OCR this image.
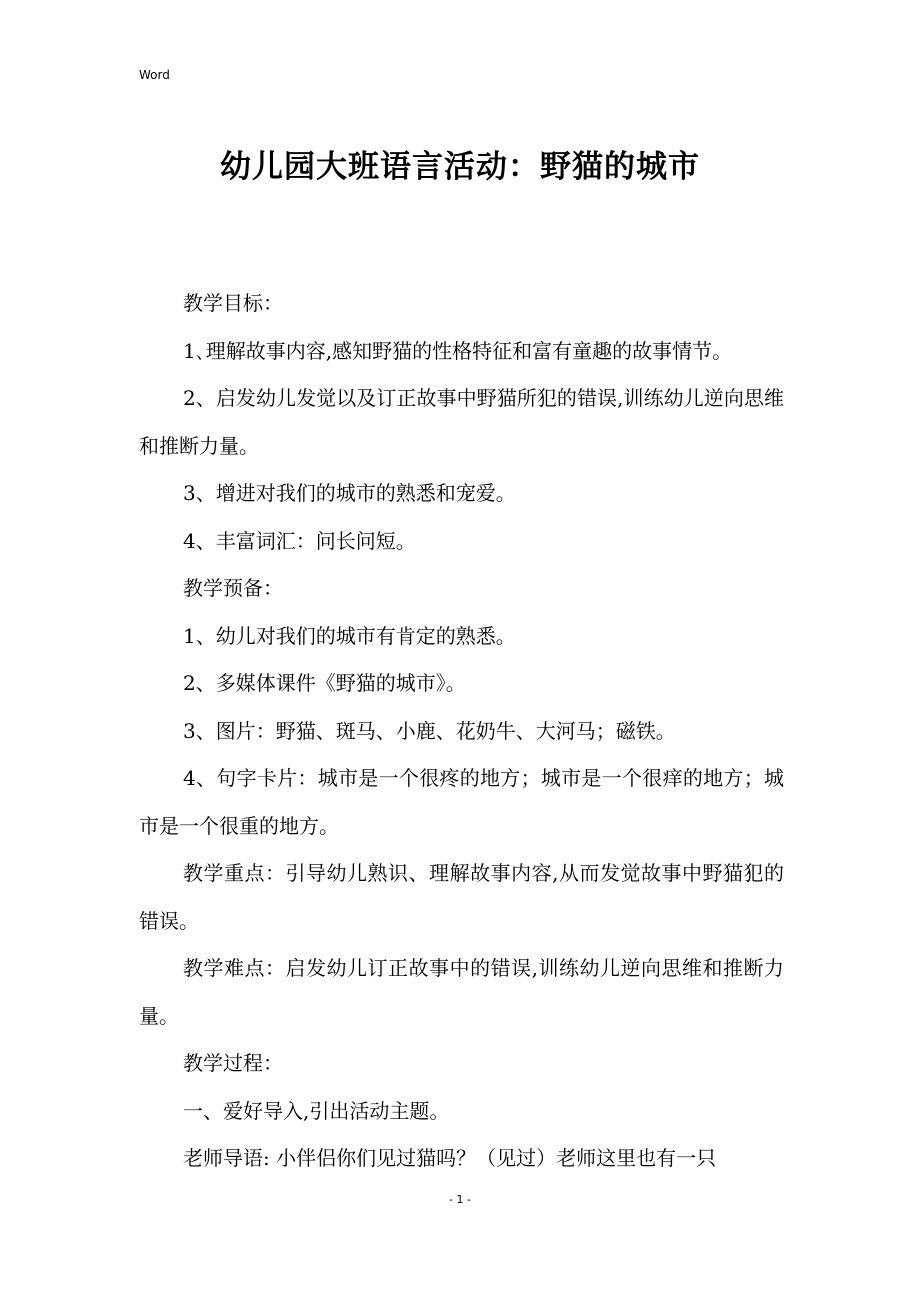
Word
幼儿园大班语言活动：野猫的城市

教学目标：

1､理解故事内容,感知野猫的性格特征和富有童趣的故事情节。

2、启发幼儿发觉以及订正故事中野猫所犯的错误,训练幼儿逆向思维和推断力量。

3、增进对我们的城市的熟悉和宠爱。

4、丰富词汇：问长问短。

教学预备：

1、幼儿对我们的城市有肯定的熟悉。

2、多媒体课件《野猫的城市》。

3、图片：野猫、斑马、小鹿、花奶牛、大河马；磁铁。

4、句字卡片：城市是一个很疼的地方；城市是一个很痒的地方；城市是一个很重的地方。

教学重点：引导幼儿熟识、理解故事内容,从而发觉故事中野猫犯的错误。

教学难点：启发幼儿订正故事中的错误,训练幼儿逆向思维和推断力量。

教学过程：

一、爱好导入,引出活动主题。

老师导语: 小伴侣你们见过猫吗？（见过）老师这里也有一只

- 1 -
